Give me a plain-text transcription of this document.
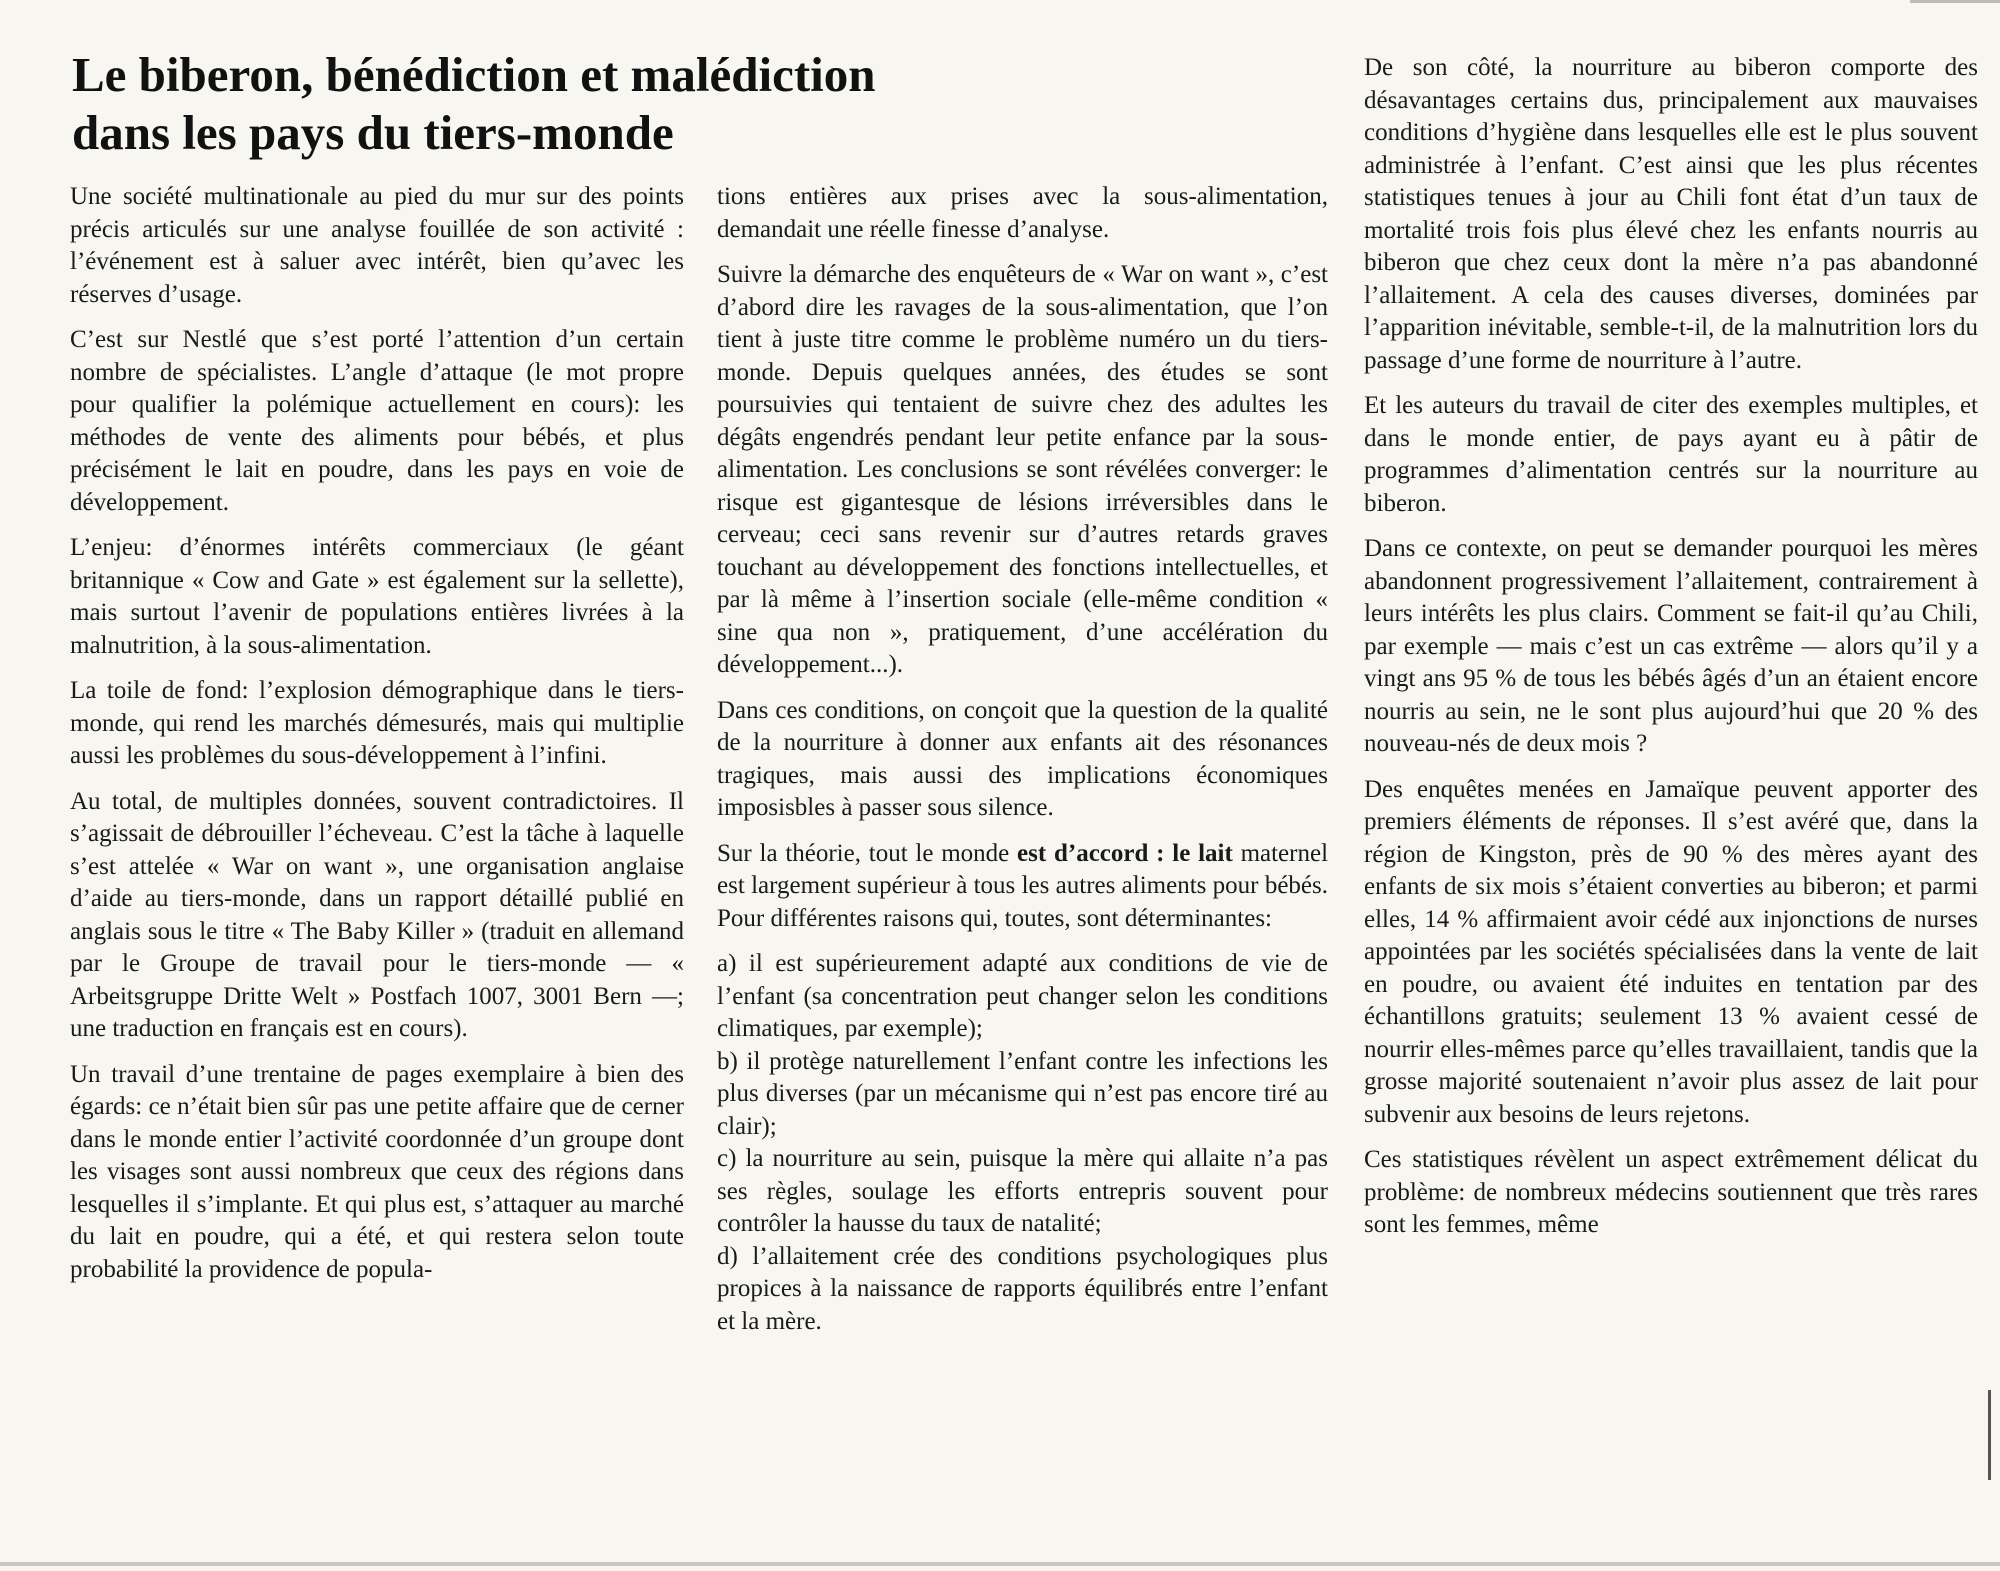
Le biberon, bénédiction et malédiction
dans les pays du tiers-monde

Une société multinationale au pied du mur sur des points précis articulés sur une analyse fouillée de son activité : l’événement est à saluer avec intérêt, bien qu’avec les réserves d’usage.

C’est sur Nestlé que s’est porté l’attention d’un certain nombre de spécialistes. L’angle d’attaque (le mot propre pour qualifier la polémique actuellement en cours): les méthodes de vente des aliments pour bébés, et plus précisément le lait en poudre, dans les pays en voie de développement.

L’enjeu: d’énormes intérêts commerciaux (le géant britannique « Cow and Gate » est également sur la sellette), mais surtout l’avenir de populations entières livrées à la malnutrition, à la sous-alimentation.

La toile de fond: l’explosion démographique dans le tiers-monde, qui rend les marchés démesurés, mais qui multiplie aussi les problèmes du sous-développement à l’infini.

Au total, de multiples données, souvent contradictoires. Il s’agissait de débrouiller l’écheveau. C’est la tâche à laquelle s’est attelée « War on want », une organisation anglaise d’aide au tiers-monde, dans un rapport détaillé publié en anglais sous le titre « The Baby Killer » (traduit en allemand par le Groupe de travail pour le tiers-monde — « Arbeitsgruppe Dritte Welt » Postfach 1007, 3001 Bern —; une traduction en français est en cours).

Un travail d’une trentaine de pages exemplaire à bien des égards: ce n’était bien sûr pas une petite affaire que de cerner dans le monde entier l’activité coordonnée d’un groupe dont les visages sont aussi nombreux que ceux des régions dans lesquelles il s’implante. Et qui plus est, s’attaquer au marché du lait en poudre, qui a été, et qui restera selon toute probabilité la providence de popula-

tions entières aux prises avec la sous-alimentation, demandait une réelle finesse d’analyse.

Suivre la démarche des enquêteurs de « War on want », c’est d’abord dire les ravages de la sous-alimentation, que l’on tient à juste titre comme le problème numéro un du tiers-monde. Depuis quelques années, des études se sont poursuivies qui tentaient de suivre chez des adultes les dégâts engendrés pendant leur petite enfance par la sous-alimentation. Les conclusions se sont révélées converger: le risque est gigantesque de lésions irréversibles dans le cerveau; ceci sans revenir sur d’autres retards graves touchant au développement des fonctions intellectuelles, et par là même à l’insertion sociale (elle-même condition « sine qua non », pratiquement, d’une accélération du développement...).

Dans ces conditions, on conçoit que la question de la qualité de la nourriture à donner aux enfants ait des résonances tragiques, mais aussi des implications économiques imposisbles à passer sous silence.

Sur la théorie, tout le monde est d’accord : le lait maternel est largement supérieur à tous les autres aliments pour bébés. Pour différentes raisons qui, toutes, sont déterminantes:

a) il est supérieurement adapté aux conditions de vie de l’enfant (sa concentration peut changer selon les conditions climatiques, par exemple);

b) il protège naturellement l’enfant contre les infections les plus diverses (par un mécanisme qui n’est pas encore tiré au clair);

c) la nourriture au sein, puisque la mère qui allaite n’a pas ses règles, soulage les efforts entrepris souvent pour contrôler la hausse du taux de natalité;

d) l’allaitement crée des conditions psychologiques plus propices à la naissance de rapports équilibrés entre l’enfant et la mère.

De son côté, la nourriture au biberon comporte des désavantages certains dus, principalement aux mauvaises conditions d’hygiène dans lesquelles elle est le plus souvent administrée à l’enfant. C’est ainsi que les plus récentes statistiques tenues à jour au Chili font état d’un taux de mortalité trois fois plus élevé chez les enfants nourris au biberon que chez ceux dont la mère n’a pas abandonné l’allaitement. A cela des causes diverses, dominées par l’apparition inévitable, semble-t-il, de la malnutrition lors du passage d’une forme de nourriture à l’autre.

Et les auteurs du travail de citer des exemples multiples, et dans le monde entier, de pays ayant eu à pâtir de programmes d’alimentation centrés sur la nourriture au biberon.

Dans ce contexte, on peut se demander pourquoi les mères abandonnent progressivement l’allaitement, contrairement à leurs intérêts les plus clairs. Comment se fait-il qu’au Chili, par exemple — mais c’est un cas extrême — alors qu’il y a vingt ans 95 % de tous les bébés âgés d’un an étaient encore nourris au sein, ne le sont plus aujourd’hui que 20 % des nouveau-nés de deux mois ?

Des enquêtes menées en Jamaïque peuvent apporter des premiers éléments de réponses. Il s’est avéré que, dans la région de Kingston, près de 90 % des mères ayant des enfants de six mois s’étaient converties au biberon; et parmi elles, 14 % affirmaient avoir cédé aux injonctions de nurses appointées par les sociétés spécialisées dans la vente de lait en poudre, ou avaient été induites en tentation par des échantillons gratuits; seulement 13 % avaient cessé de nourrir elles-mêmes parce qu’elles travaillaient, tandis que la grosse majorité soutenaient n’avoir plus assez de lait pour subvenir aux besoins de leurs rejetons.

Ces statistiques révèlent un aspect extrêmement délicat du problème: de nombreux médecins soutiennent que très rares sont les femmes, même
